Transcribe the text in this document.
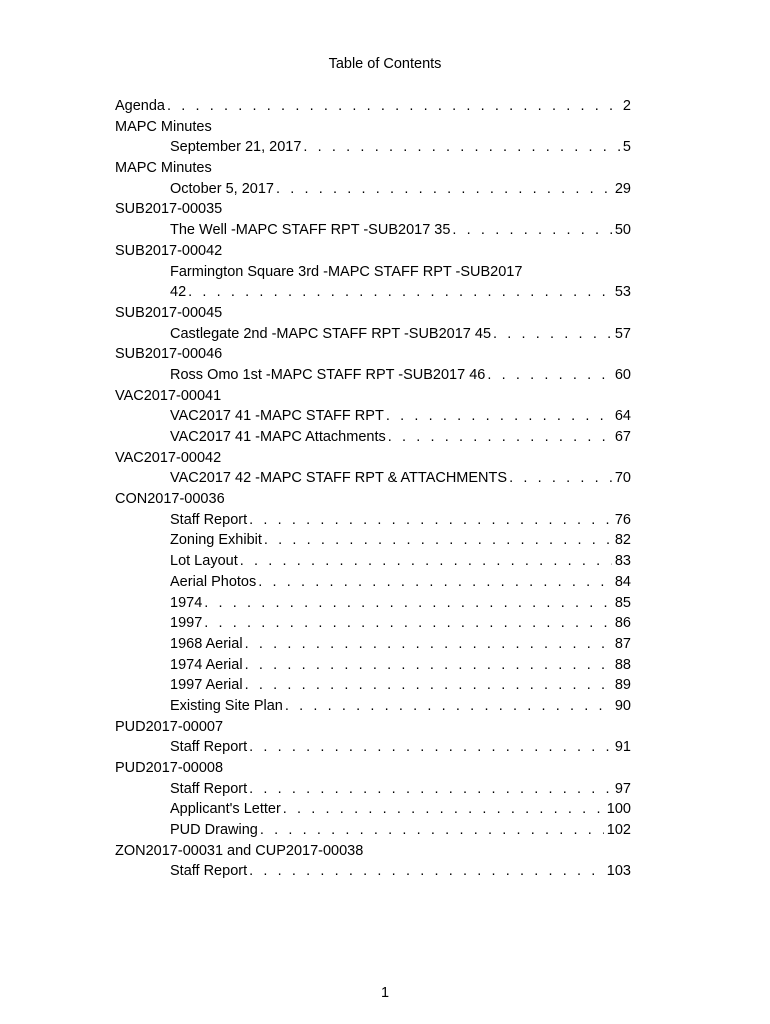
Table of Contents
Agenda . . .	2
MAPC Minutes
September 21, 2017 . . .	5
MAPC Minutes
October 5, 2017 . . .	29
SUB2017-00035
The Well -MAPC STAFF RPT -SUB2017 35 . . .	50
SUB2017-00042
Farmington Square 3rd -MAPC STAFF RPT -SUB2017
42 . . .	53
SUB2017-00045
Castlegate 2nd -MAPC STAFF RPT -SUB2017 45 . . .	57
SUB2017-00046
Ross Omo 1st -MAPC STAFF RPT -SUB2017 46 . . .	60
VAC2017-00041
VAC2017 41 -MAPC STAFF RPT . . .	64
VAC2017 41 -MAPC Attachments . . .	67
VAC2017-00042
VAC2017 42 -MAPC STAFF RPT & ATTACHMENTS . . .	70
CON2017-00036
Staff Report . . .	76
Zoning Exhibit . . .	82
Lot Layout . . .	83
Aerial Photos . . .	84
1974 . . .	85
1997 . . .	86
1968 Aerial . . .	87
1974 Aerial . . .	88
1997 Aerial . . .	89
Existing Site Plan . . .	90
PUD2017-00007
Staff Report . . .	91
PUD2017-00008
Staff Report . . .	97
Applicant's Letter . . .	100
PUD Drawing . . .	102
ZON2017-00031 and CUP2017-00038
Staff Report . . .	103
1
